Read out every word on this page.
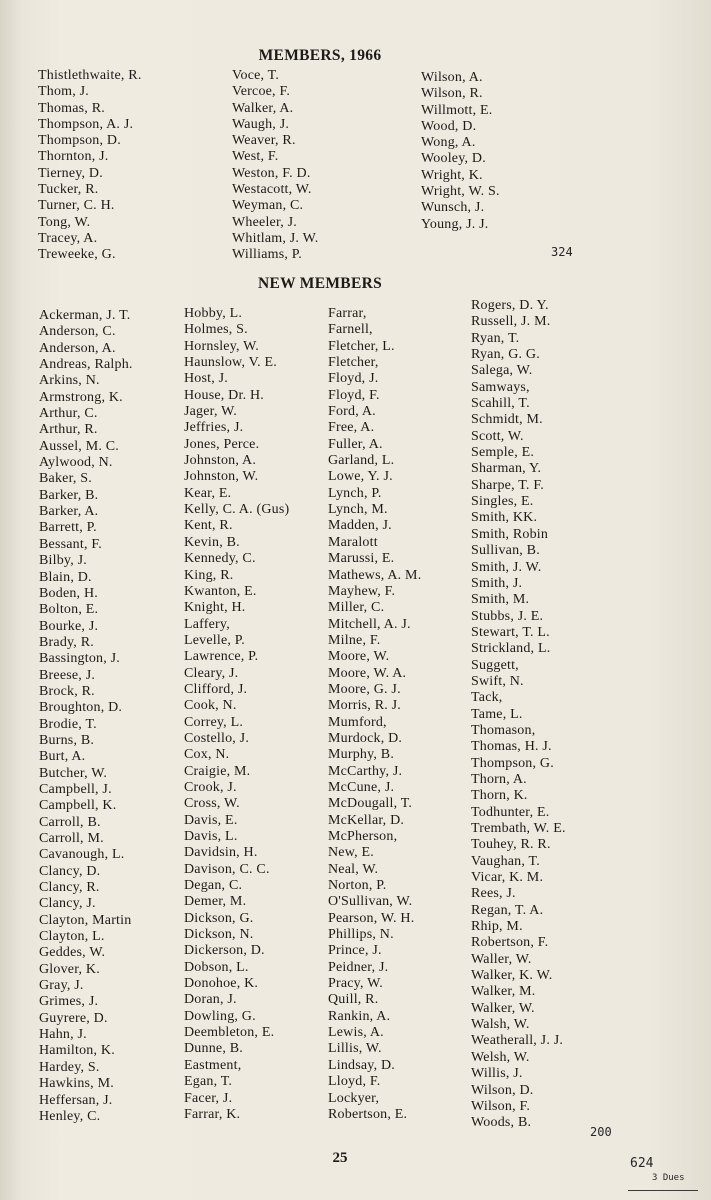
MEMBERS, 1966
Thistlethwaite, R.
Thom, J.
Thomas, R.
Thompson, A. J.
Thompson, D.
Thornton, J.
Tierney, D.
Tucker, R.
Turner, C. H.
Tong, W.
Tracey, A.
Treweeke, G.
Voce, T.
Vercoe, F.
Walker, A.
Waugh, J.
Weaver, R.
West, F.
Weston, F. D.
Westacott, W.
Weyman, C.
Wheeler, J.
Whitlam, J. W.
Williams, P.
Wilson, A.
Wilson, R.
Willmott, E.
Wood, D.
Wong, A.
Wooley, D.
Wright, K.
Wright, W. S.
Wunsch, J.
Young, J. J.
324
NEW MEMBERS
Ackerman, J. T.
Anderson, C.
Anderson, A.
Andreas, Ralph.
Arkins, N.
Armstrong, K.
Arthur, C.
Arthur, R.
Aussel, M. C.
Aylwood, N.
Baker, S.
Barker, B.
Barker, A.
Barrett, P.
Bessant, F.
Bilby, J.
Blain, D.
Boden, H.
Bolton, E.
Bourke, J.
Brady, R.
Bassington, J.
Breese, J.
Brock, R.
Broughton, D.
Brodie, T.
Burns, B.
Burt, A.
Butcher, W.
Campbell, J.
Campbell, K.
Carroll, B.
Carroll, M.
Cavanough, L.
Clancy, D.
Clancy, R.
Clancy, J.
Clayton, Martin
Clayton, L.
Geddes, W.
Glover, K.
Gray, J.
Grimes, J.
Guyrere, D.
Hahn, J.
Hamilton, K.
Hardey, S.
Hawkins, M.
Heffersan, J.
Henley, C.
Hobby, L.
Holmes, S.
Hornsley, W.
Haunslow, V. E.
Host, J.
House, Dr. H.
Jager, W.
Jeffries, J.
Jones, Perce.
Johnston, A.
Johnston, W.
Kear, E.
Kelly, C. A. (Gus)
Kent, R.
Kevin, B.
Kennedy, C.
King, R.
Kwanton, E.
Knight, H.
Laffery,
Levelle, P.
Lawrence, P.
Cleary, J.
Clifford, J.
Cook, N.
Correy, L.
Costello, J.
Cox, N.
Craigie, M.
Crook, J.
Cross, W.
Davis, E.
Davis, L.
Davidsin, H.
Davison, C. C.
Degan, C.
Demer, M.
Dickson, G.
Dickson, N.
Dickerson, D.
Dobson, L.
Donohoe, K.
Doran, J.
Dowling, G.
Deembleton, E.
Dunne, B.
Eastment,
Egan, T.
Facer, J.
Farrar, K.
Farrar,
Farnell,
Fletcher, L.
Fletcher,
Floyd, J.
Floyd, F.
Ford, A.
Free, A.
Fuller, A.
Garland, L.
Lowe, Y. J.
Lynch, P.
Lynch, M.
Madden, J.
Maralott
Marussi, E.
Mathews, A. M.
Mayhew, F.
Miller, C.
Mitchell, A. J.
Milne, F.
Moore, W.
Moore, W. A.
Moore, G. J.
Morris, R. J.
Mumford,
Murdock, D.
Murphy, B.
McCarthy, J.
McCune, J.
McDougall, T.
McKellar, D.
McPherson,
New, E.
Neal, W.
Norton, P.
O'Sullivan, W.
Pearson, W. H.
Phillips, N.
Prince, J.
Peidner, J.
Pracy, W.
Quill, R.
Rankin, A.
Lewis, A.
Lillis, W.
Lindsay, D.
Lloyd, F.
Lockyer,
Robertson, E.
Rogers, D. Y.
Russell, J. M.
Ryan, T.
Ryan, G. G.
Salega, W.
Samways,
Scahill, T.
Schmidt, M.
Scott, W.
Semple, E.
Sharman, Y.
Sharpe, T. F.
Singles, E.
Smith, KK.
Smith, Robin
Sullivan, B.
Smith, J. W.
Smith, J.
Smith, M.
Stubbs, J. E.
Stewart, T. L.
Strickland, L.
Suggett,
Swift, N.
Tack,
Tame, L.
Thomason,
Thomas, H. J.
Thompson, G.
Thorn, A.
Thorn, K.
Todhunter, E.
Trembath, W. E.
Touhey, R. R.
Vaughan, T.
Vicar, K. M.
Rees, J.
Regan, T. A.
Rhip, M.
Robertson, F.
Waller, W.
Walker, K. W.
Walker, M.
Walker, W.
Walsh, W.
Weatherall, J. J.
Welsh, W.
Willis, J.
Wilson, D.
Wilson, F.
Woods, B.
200
25	624
3 Dues
